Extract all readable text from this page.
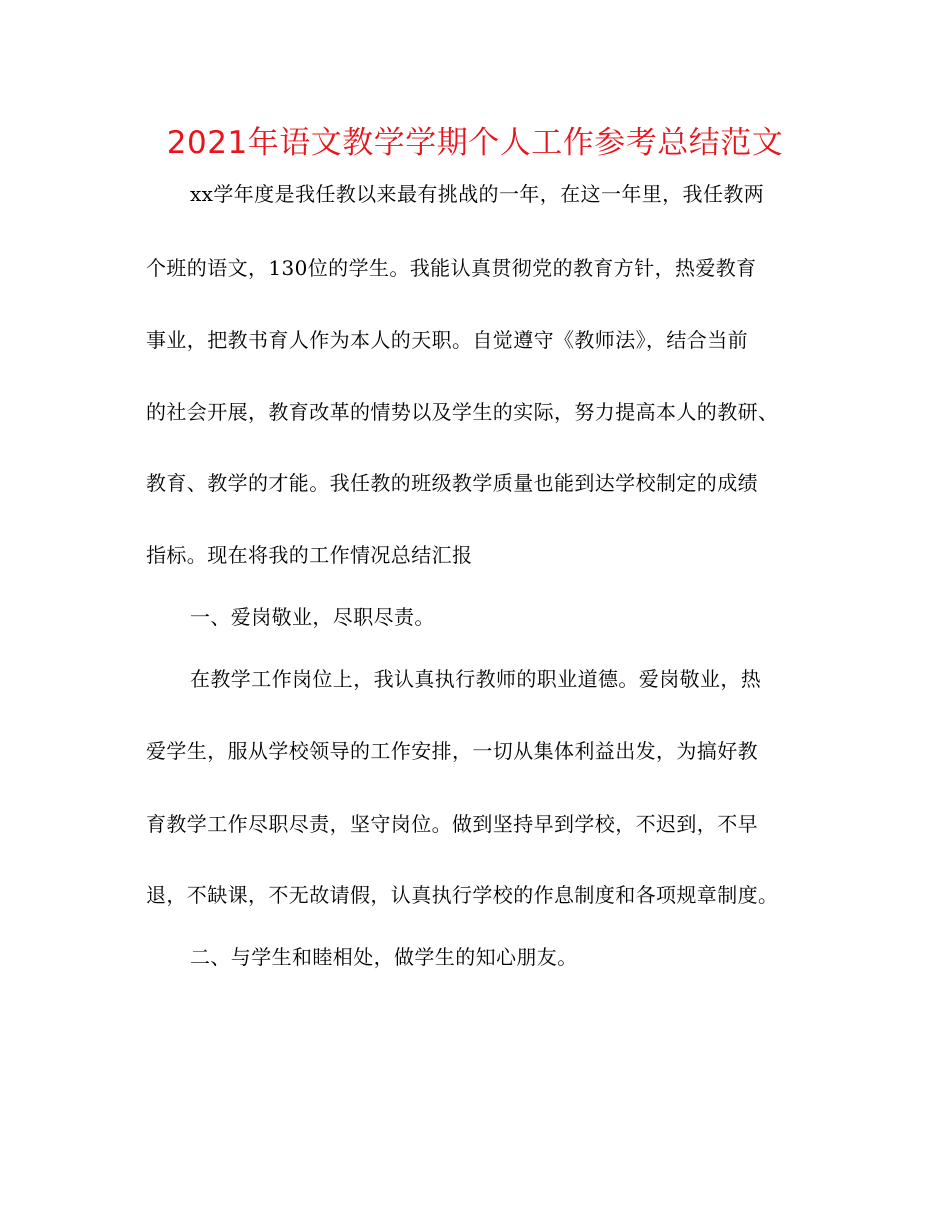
2021年语文教学学期个人工作参考总结范文
xx学年度是我任教以来最有挑战的一年，在这一年里，我任教两
个班的语文，130位的学生。我能认真贯彻党的教育方针，热爱教育
事业，把教书育人作为本人的天职。自觉遵守《教师法》，结合当前
的社会开展，教育改革的情势以及学生的实际，努力提高本人的教研、
教育、教学的才能。我任教的班级教学质量也能到达学校制定的成绩
指标。现在将我的工作情况总结汇报
一、爱岗敬业，尽职尽责。
在教学工作岗位上，我认真执行教师的职业道德。爱岗敬业，热
爱学生，服从学校领导的工作安排，一切从集体利益出发，为搞好教
育教学工作尽职尽责，坚守岗位。做到坚持早到学校，不迟到，不早
退，不缺课，不无故请假，认真执行学校的作息制度和各项规章制度。
二、与学生和睦相处，做学生的知心朋友。
